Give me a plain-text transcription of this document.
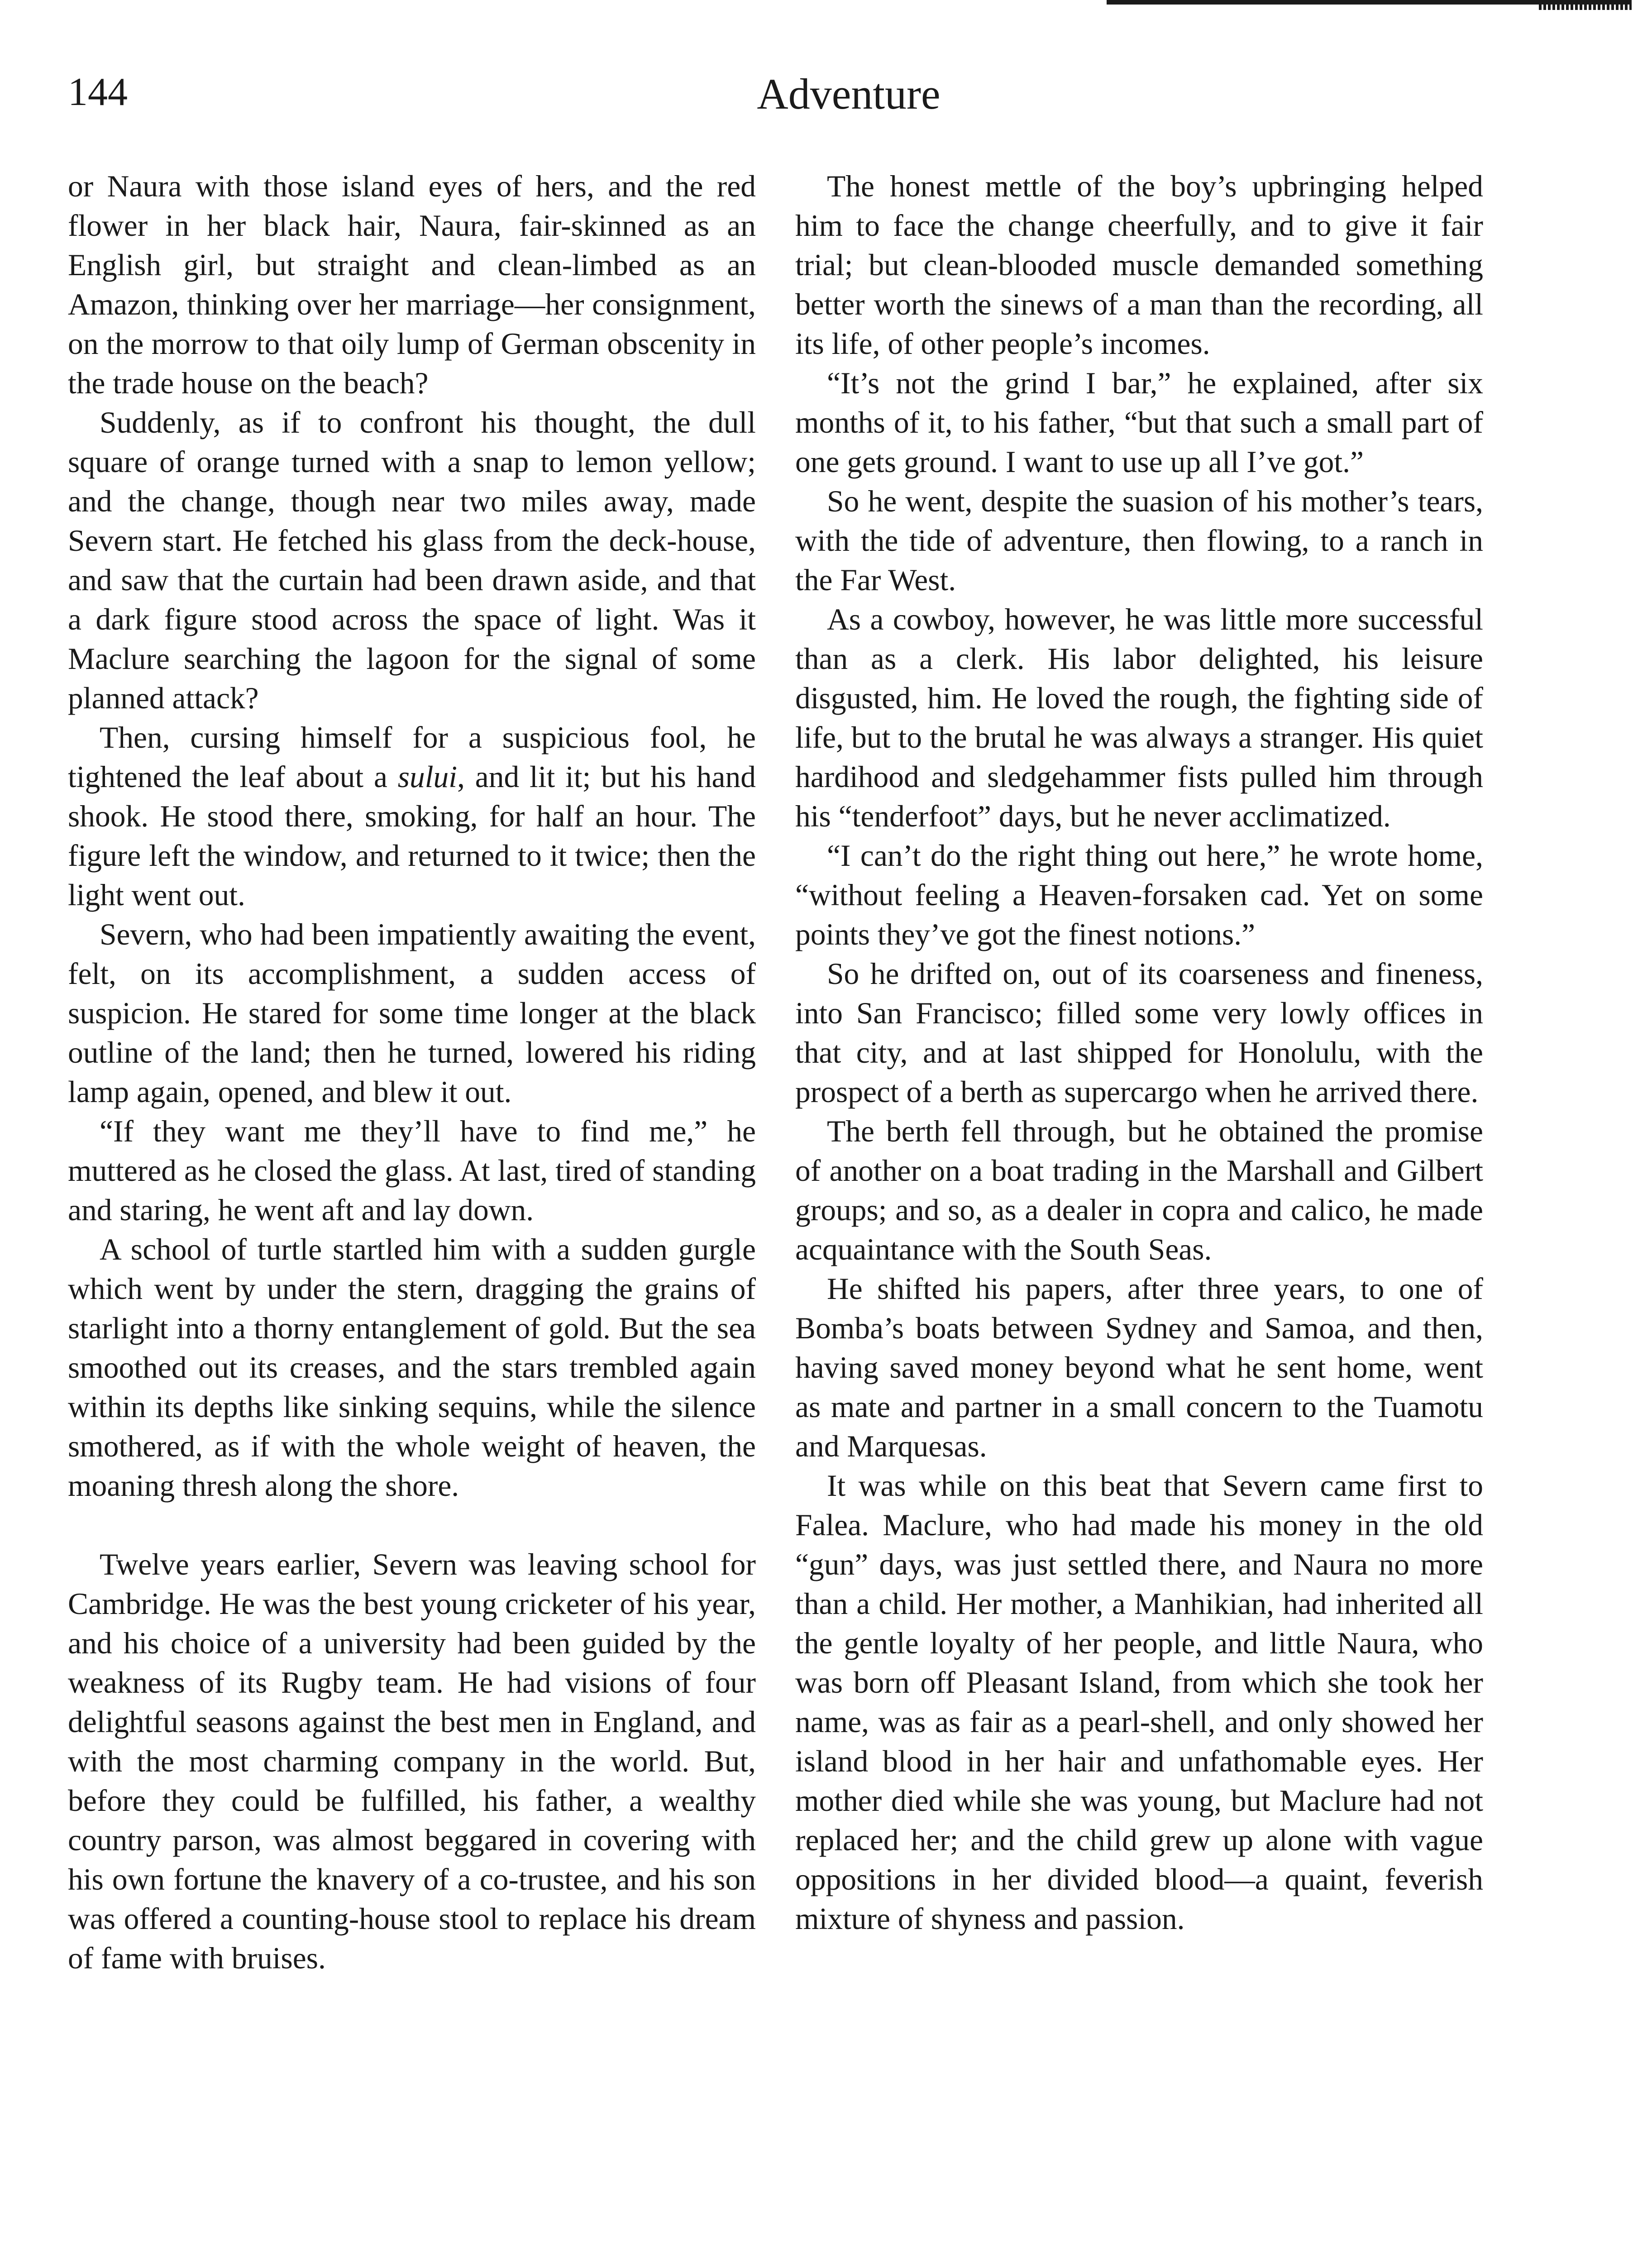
144	Adventure

or Naura with those island eyes of hers, and the red flower in her black hair, Naura, fair-skinned as an English girl, but straight and clean-limbed as an Amazon, thinking over her marriage—her consignment, on the morrow to that oily lump of German obscenity in the trade house on the beach?

Suddenly, as if to confront his thought, the dull square of orange turned with a snap to lemon yellow; and the change, though near two miles away, made Severn start. He fetched his glass from the deck-house, and saw that the curtain had been drawn aside, and that a dark figure stood across the space of light. Was it Maclure searching the lagoon for the signal of some planned attack?

Then, cursing himself for a suspicious fool, he tightened the leaf about a sului, and lit it; but his hand shook. He stood there, smoking, for half an hour. The figure left the window, and returned to it twice; then the light went out.

Severn, who had been impatiently awaiting the event, felt, on its accomplishment, a sudden access of suspicion. He stared for some time longer at the black outline of the land; then he turned, lowered his riding lamp again, opened, and blew it out.

“If they want me they’ll have to find me,” he muttered as he closed the glass. At last, tired of standing and staring, he went aft and lay down.

A school of turtle startled him with a sudden gurgle which went by under the stern, dragging the grains of starlight into a thorny entanglement of gold. But the sea smoothed out its creases, and the stars trembled again within its depths like sinking sequins, while the silence smothered, as if with the whole weight of heaven, the moaning thresh along the shore.

Twelve years earlier, Severn was leaving school for Cambridge. He was the best young cricketer of his year, and his choice of a university had been guided by the weakness of its Rugby team. He had visions of four delightful seasons against the best men in England, and with the most charming company in the world. But, before they could be fulfilled, his father, a wealthy country parson, was almost beggared in covering with his own fortune the knavery of a co-trustee, and his son was offered a counting-house stool to replace his dream of fame with bruises.

The honest mettle of the boy’s upbringing helped him to face the change cheerfully, and to give it fair trial; but clean-blooded muscle demanded something better worth the sinews of a man than the recording, all its life, of other people’s incomes.

“It’s not the grind I bar,” he explained, after six months of it, to his father, “but that such a small part of one gets ground. I want to use up all I’ve got.”

So he went, despite the suasion of his mother’s tears, with the tide of adventure, then flowing, to a ranch in the Far West.

As a cowboy, however, he was little more successful than as a clerk. His labor delighted, his leisure disgusted, him. He loved the rough, the fighting side of life, but to the brutal he was always a stranger. His quiet hardihood and sledgehammer fists pulled him through his “tenderfoot” days, but he never acclimatized.

“I can’t do the right thing out here,” he wrote home, “without feeling a Heaven-forsaken cad. Yet on some points they’ve got the finest notions.”

So he drifted on, out of its coarseness and fineness, into San Francisco; filled some very lowly offices in that city, and at last shipped for Honolulu, with the prospect of a berth as supercargo when he arrived there.

The berth fell through, but he obtained the promise of another on a boat trading in the Marshall and Gilbert groups; and so, as a dealer in copra and calico, he made acquaintance with the South Seas.

He shifted his papers, after three years, to one of Bomba’s boats between Sydney and Samoa, and then, having saved money beyond what he sent home, went as mate and partner in a small concern to the Tuamotu and Marquesas.

It was while on this beat that Severn came first to Falea. Maclure, who had made his money in the old “gun” days, was just settled there, and Naura no more than a child. Her mother, a Manhikian, had inherited all the gentle loyalty of her people, and little Naura, who was born off Pleasant Island, from which she took her name, was as fair as a pearl-shell, and only showed her island blood in her hair and unfathomable eyes. Her mother died while she was young, but Maclure had not replaced her; and the child grew up alone with vague oppositions in her divided blood—a quaint, feverish mixture of shyness and passion.
